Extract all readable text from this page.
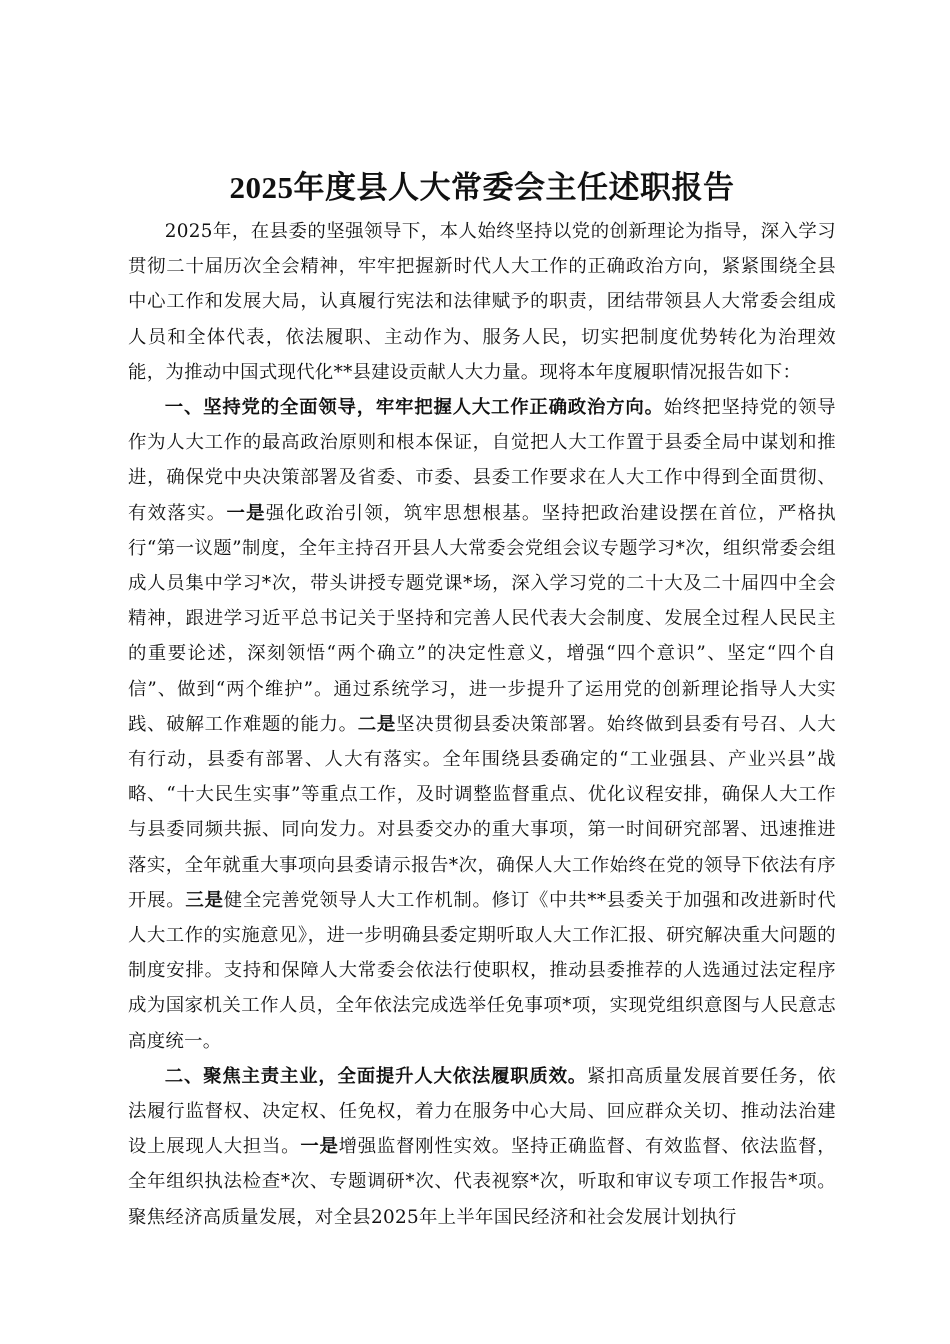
2025年度县人大常委会主任述职报告

2025年，在县委的坚强领导下，本人始终坚持以党的创新理论为指导，深入学习贯彻二十届历次全会精神，牢牢把握新时代人大工作的正确政治方向，紧紧围绕全县中心工作和发展大局，认真履行宪法和法律赋予的职责，团结带领县人大常委会组成人员和全体代表，依法履职、主动作为、服务人民，切实把制度优势转化为治理效能，为推动中国式现代化**县建设贡献人大力量。现将本年度履职情况报告如下：

一、坚持党的全面领导，牢牢把握人大工作正确政治方向。始终把坚持党的领导作为人大工作的最高政治原则和根本保证，自觉把人大工作置于县委全局中谋划和推进，确保党中央决策部署及省委、市委、县委工作要求在人大工作中得到全面贯彻、有效落实。一是强化政治引领，筑牢思想根基。坚持把政治建设摆在首位，严格执行“第一议题”制度，全年主持召开县人大常委会党组会议专题学习*次，组织常委会组成人员集中学习*次，带头讲授专题党课*场，深入学习党的二十大及二十届四中全会精神，跟进学习近平总书记关于坚持和完善人民代表大会制度、发展全过程人民民主的重要论述，深刻领悟“两个确立”的决定性意义，增强“四个意识”、坚定“四个自信”、做到“两个维护”。通过系统学习，进一步提升了运用党的创新理论指导人大实践、破解工作难题的能力。二是坚决贯彻县委决策部署。始终做到县委有号召、人大有行动，县委有部署、人大有落实。全年围绕县委确定的“工业强县、产业兴县”战略、“十大民生实事”等重点工作，及时调整监督重点、优化议程安排，确保人大工作与县委同频共振、同向发力。对县委交办的重大事项，第一时间研究部署、迅速推进落实，全年就重大事项向县委请示报告*次，确保人大工作始终在党的领导下依法有序开展。三是健全完善党领导人大工作机制。修订《中共**县委关于加强和改进新时代人大工作的实施意见》，进一步明确县委定期听取人大工作汇报、研究解决重大问题的制度安排。支持和保障人大常委会依法行使职权，推动县委推荐的人选通过法定程序成为国家机关工作人员，全年依法完成选举任免事项*项，实现党组织意图与人民意志高度统一。

二、聚焦主责主业，全面提升人大依法履职质效。紧扣高质量发展首要任务，依法履行监督权、决定权、任免权，着力在服务中心大局、回应群众关切、推动法治建设上展现人大担当。一是增强监督刚性实效。坚持正确监督、有效监督、依法监督，全年组织执法检查*次、专题调研*次、代表视察*次，听取和审议专项工作报告*项。聚焦经济高质量发展，对全县2025年上半年国民经济和社会发展计划执行
